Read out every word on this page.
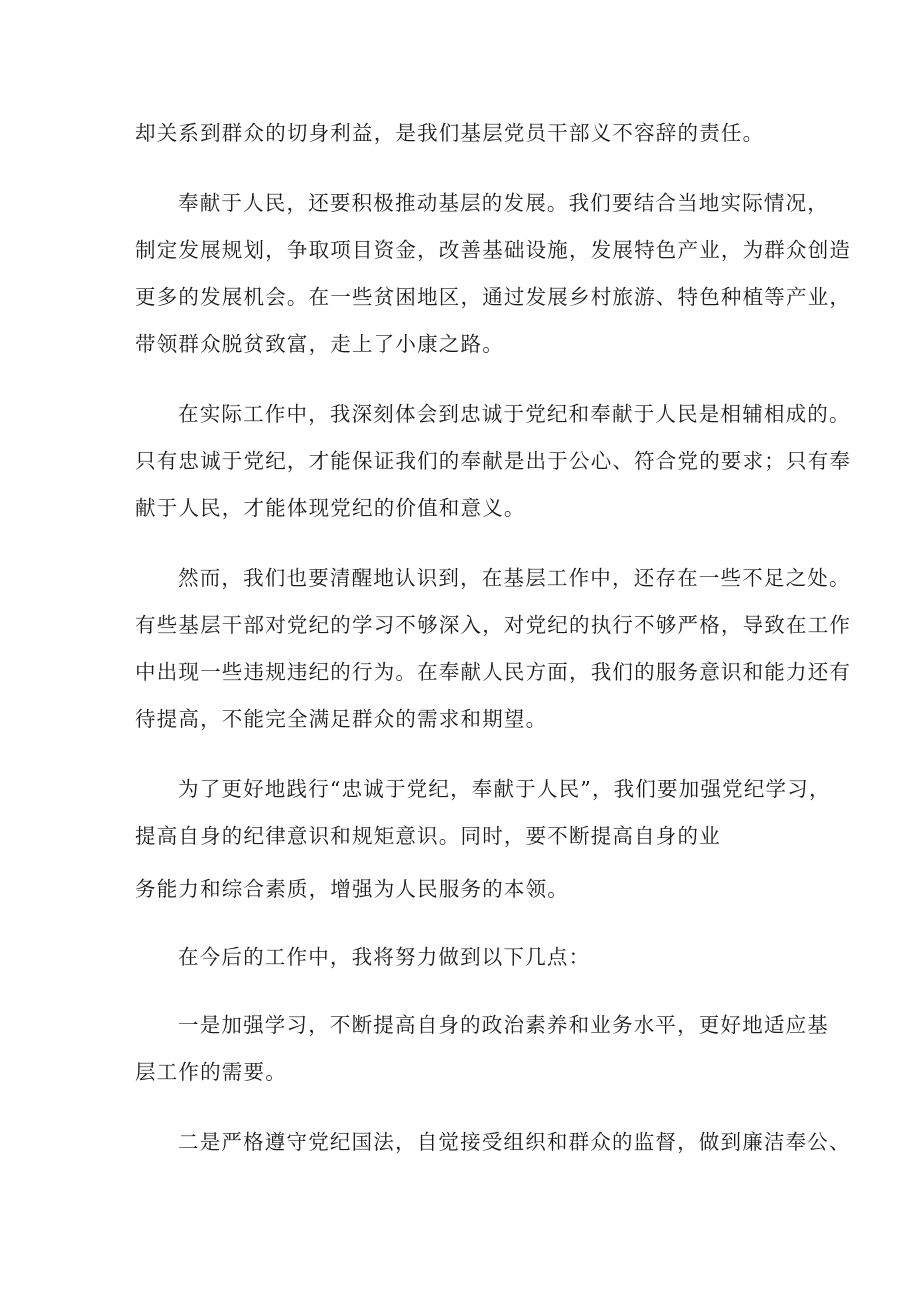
却关系到群众的切身利益，是我们基层党员干部义不容辞的责任。

奉献于人民，还要积极推动基层的发展。我们要结合当地实际情况，

制定发展规划，争取项目资金，改善基础设施，发展特色产业，为群众创造

更多的发展机会。在一些贫困地区，通过发展乡村旅游、特色种植等产业，

带领群众脱贫致富，走上了小康之路。

在实际工作中，我深刻体会到忠诚于党纪和奉献于人民是相辅相成的。

只有忠诚于党纪，才能保证我们的奉献是出于公心、符合党的要求；只有奉

献于人民，才能体现党纪的价值和意义。

然而，我们也要清醒地认识到，在基层工作中，还存在一些不足之处。

有些基层干部对党纪的学习不够深入，对党纪的执行不够严格，导致在工作

中出现一些违规违纪的行为。在奉献人民方面，我们的服务意识和能力还有

待提高，不能完全满足群众的需求和期望。

为了更好地践行“忠诚于党纪，奉献于人民”，我们要加强党纪学习，

提高自身的纪律意识和规矩意识。同时，要不断提高自身的业

务能力和综合素质，增强为人民服务的本领。

在今后的工作中，我将努力做到以下几点：

一是加强学习，不断提高自身的政治素养和业务水平，更好地适应基

层工作的需要。

二是严格遵守党纪国法，自觉接受组织和群众的监督，做到廉洁奉公、
